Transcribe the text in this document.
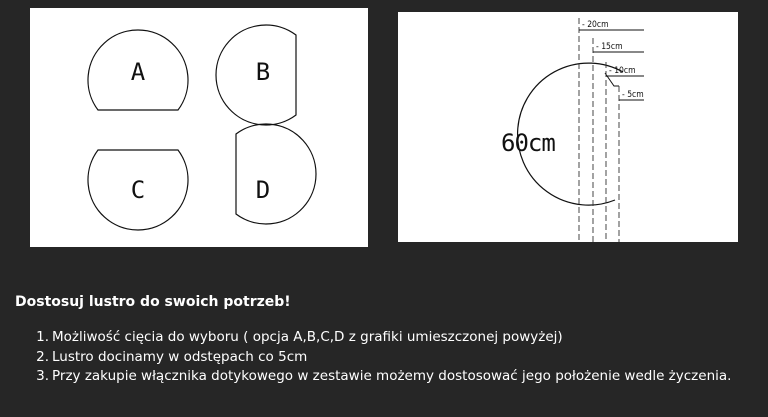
A	B
C	D
- 20cm
- 15cm
- 10cm
- 5cm
60cm
Dostosuj lustro do swoich potrzeb!
1. Możliwość cięcia do wyboru ( opcja A,B,C,D z grafiki umieszczonej powyżej)
2. Lustro docinamy w odstępach co 5cm
3. Przy zakupie włącznika dotykowego w zestawie możemy dostosować jego położenie wedle życzenia.
